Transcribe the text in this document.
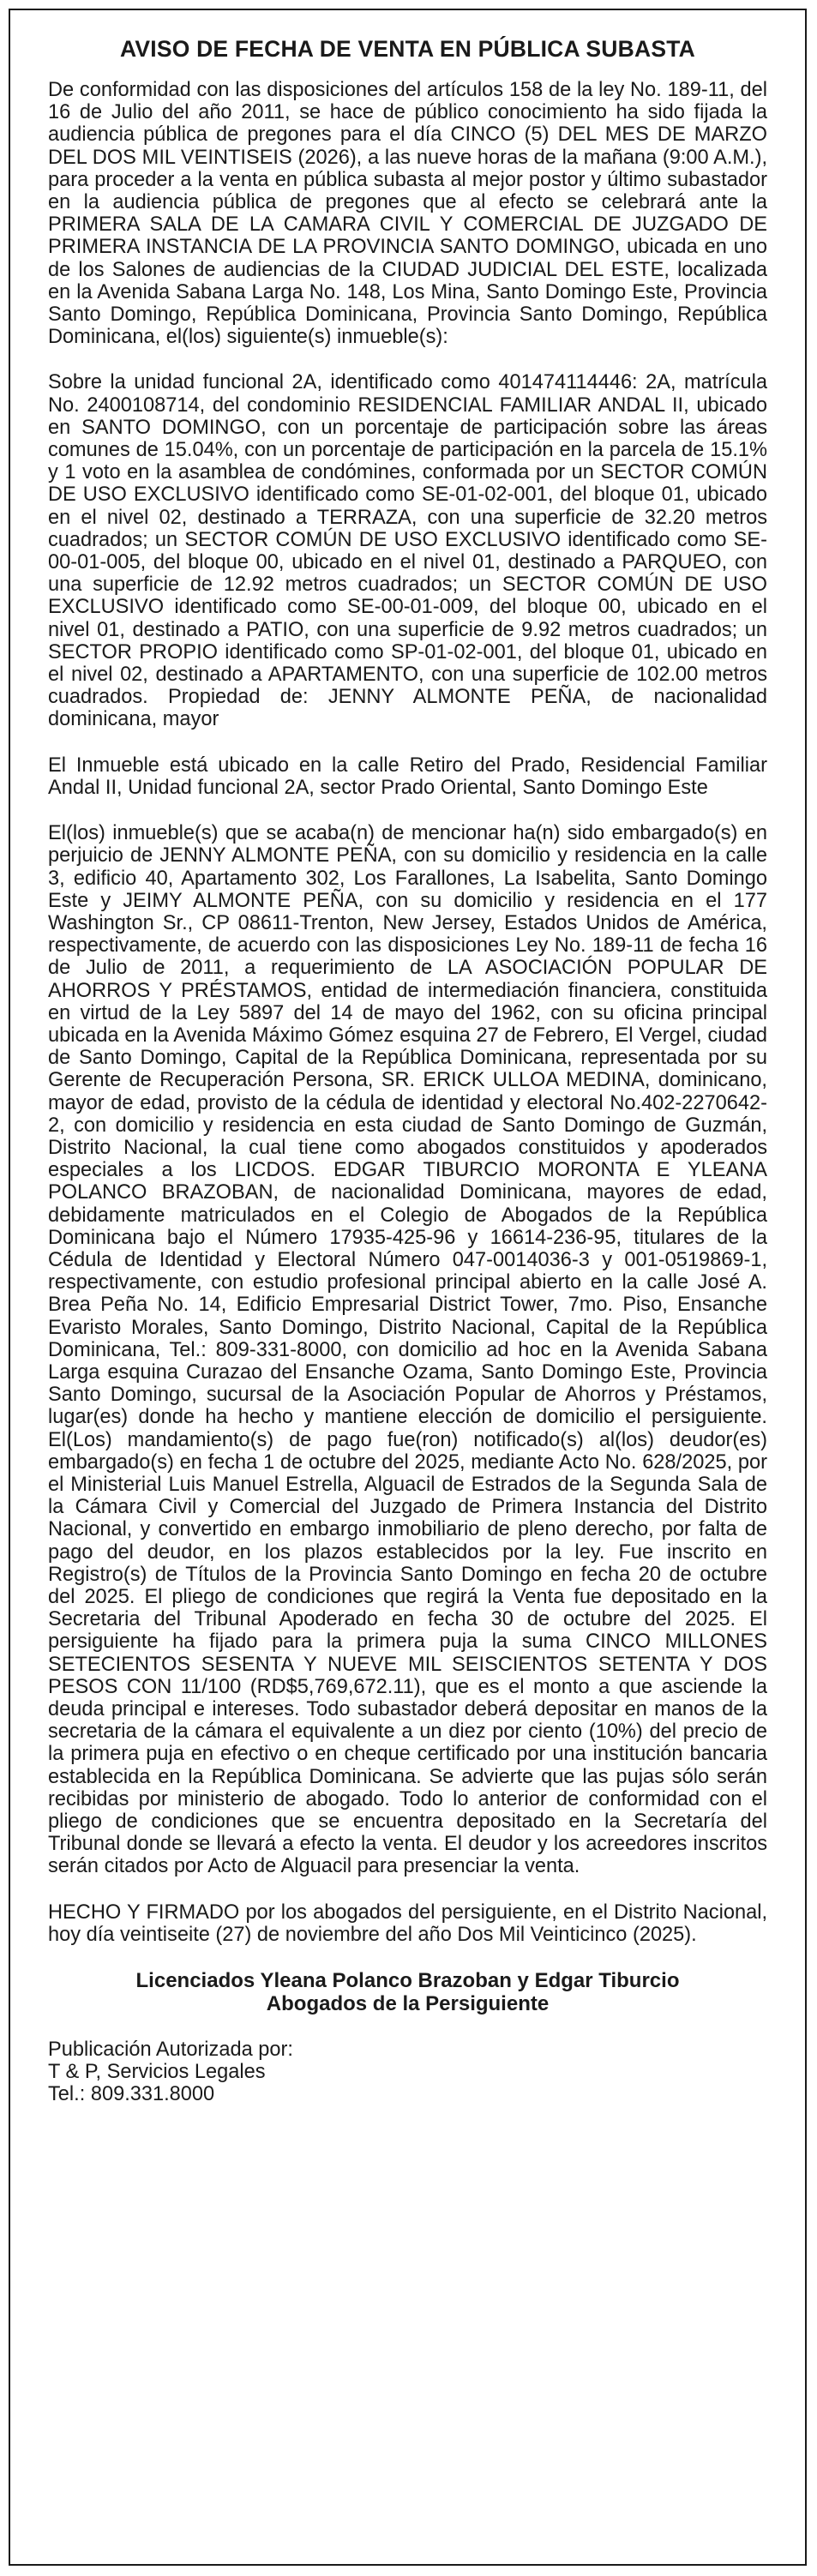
AVISO DE FECHA DE VENTA EN PÚBLICA SUBASTA

De conformidad con las disposiciones del artículos 158 de la ley No. 189-11, del 16 de Julio del año 2011, se hace de público conocimiento ha sido fijada la audiencia pública de pregones para el día CINCO (5) DEL MES DE MARZO DEL DOS MIL VEINTISEIS (2026), a las nueve horas de la mañana (9:00 A.M.), para proceder a la venta en pública subasta al mejor postor y último subastador en la audiencia pública de pregones que al efecto se celebrará ante la PRIMERA SALA DE LA CAMARA CIVIL Y COMERCIAL DE JUZGADO DE PRIMERA INSTANCIA DE LA PROVINCIA SANTO DOMINGO, ubicada en uno de los Salones de audiencias de la CIUDAD JUDICIAL DEL ESTE, localizada en la Avenida Sabana Larga No. 148, Los Mina, Santo Domingo Este, Provincia Santo Domingo, República Dominicana, Provincia Santo Domingo, República Dominicana, el(los) siguiente(s) inmueble(s):

Sobre la unidad funcional 2A, identificado como 401474114446: 2A, matrícula No. 2400108714, del condominio RESIDENCIAL FAMILIAR ANDAL II, ubicado en SANTO DOMINGO, con un porcentaje de participación sobre las áreas comunes de 15.04%, con un porcentaje de participación en la parcela de 15.1% y 1 voto en la asamblea de condómines, conformada por un SECTOR COMÚN DE USO EXCLUSIVO identificado como SE-01-02-001, del bloque 01, ubicado en el nivel 02, destinado a TERRAZA, con una superficie de 32.20 metros cuadrados; un SECTOR COMÚN DE USO EXCLUSIVO identificado como SE-00-01-005, del bloque 00, ubicado en el nivel 01, destinado a PARQUEO, con una superficie de 12.92 metros cuadrados; un SECTOR COMÚN DE USO EXCLUSIVO identificado como SE-00-01-009, del bloque 00, ubicado en el nivel 01, destinado a PATIO, con una superficie de 9.92 metros cuadrados; un SECTOR PROPIO identificado como SP-01-02-001, del bloque 01, ubicado en el nivel 02, destinado a APARTAMENTO, con una superficie de 102.00 metros cuadrados. Propiedad de: JENNY ALMONTE PEÑA, de nacionalidad dominicana, mayor

El Inmueble está ubicado en la calle Retiro del Prado, Residencial Familiar Andal II, Unidad funcional 2A, sector Prado Oriental, Santo Domingo Este

El(los) inmueble(s) que se acaba(n) de mencionar ha(n) sido embargado(s) en perjuicio de JENNY ALMONTE PEÑA, con su domicilio y residencia en la calle 3, edificio 40, Apartamento 302, Los Farallones, La Isabelita, Santo Domingo Este y JEIMY ALMONTE PEÑA, con su domicilio y residencia en el 177 Washington Sr., CP 08611-Trenton, New Jersey, Estados Unidos de América, respectivamente, de acuerdo con las disposiciones Ley No. 189-11 de fecha 16 de Julio de 2011, a requerimiento de LA ASOCIACIÓN POPULAR DE AHORROS Y PRÉSTAMOS, entidad de intermediación financiera, constituida en virtud de la Ley 5897 del 14 de mayo del 1962, con su oficina principal ubicada en la Avenida Máximo Gómez esquina 27 de Febrero, El Vergel, ciudad de Santo Domingo, Capital de la República Dominicana, representada por su Gerente de Recuperación Persona, SR. ERICK ULLOA MEDINA, dominicano, mayor de edad, provisto de la cédula de identidad y electoral No.402-2270642-2, con domicilio y residencia en esta ciudad de Santo Domingo de Guzmán, Distrito Nacional, la cual tiene como abogados constituidos y apoderados especiales a los LICDOS. EDGAR TIBURCIO MORONTA E YLEANA POLANCO BRAZOBAN, de nacionalidad Dominicana, mayores de edad, debidamente matriculados en el Colegio de Abogados de la República Dominicana bajo el Número 17935-425-96 y 16614-236-95, titulares de la Cédula de Identidad y Electoral Número 047-0014036-3 y 001-0519869-1, respectivamente, con estudio profesional principal abierto en la calle José A. Brea Peña No. 14, Edificio Empresarial District Tower, 7mo. Piso, Ensanche Evaristo Morales, Santo Domingo, Distrito Nacional, Capital de la República Dominicana, Tel.: 809-331-8000, con domicilio ad hoc en la Avenida Sabana Larga esquina Curazao del Ensanche Ozama, Santo Domingo Este, Provincia Santo Domingo, sucursal de la Asociación Popular de Ahorros y Préstamos, lugar(es) donde ha hecho y mantiene elección de domicilio el persiguiente. El(Los) mandamiento(s) de pago fue(ron) notificado(s) al(los) deudor(es) embargado(s) en fecha 1 de octubre del 2025, mediante Acto No. 628/2025, por el Ministerial Luis Manuel Estrella, Alguacil de Estrados de la Segunda Sala de la Cámara Civil y Comercial del Juzgado de Primera Instancia del Distrito Nacional, y convertido en embargo inmobiliario de pleno derecho, por falta de pago del deudor, en los plazos establecidos por la ley. Fue inscrito en Registro(s) de Títulos de la Provincia Santo Domingo en fecha 20 de octubre del 2025. El pliego de condiciones que regirá la Venta fue depositado en la Secretaria del Tribunal Apoderado en fecha 30 de octubre del 2025. El persiguiente ha fijado para la primera puja la suma CINCO MILLONES SETECIENTOS SESENTA Y NUEVE MIL SEISCIENTOS SETENTA Y DOS PESOS CON 11/100 (RD$5,769,672.11), que es el monto a que asciende la deuda principal e intereses. Todo subastador deberá depositar en manos de la secretaria de la cámara el equivalente a un diez por ciento (10%) del precio de la primera puja en efectivo o en cheque certificado por una institución bancaria establecida en la República Dominicana. Se advierte que las pujas sólo serán recibidas por ministerio de abogado. Todo lo anterior de conformidad con el pliego de condiciones que se encuentra depositado en la Secretaría del Tribunal donde se llevará a efecto la venta. El deudor y los acreedores inscritos serán citados por Acto de Alguacil para presenciar la venta.

HECHO Y FIRMADO por los abogados del persiguiente, en el Distrito Nacional, hoy día veintiseite (27) de noviembre del año Dos Mil Veinticinco (2025).

Licenciados Yleana Polanco Brazoban y Edgar Tiburcio
Abogados de la Persiguiente
Publicación Autorizada por:
T & P, Servicios Legales
Tel.: 809.331.8000
